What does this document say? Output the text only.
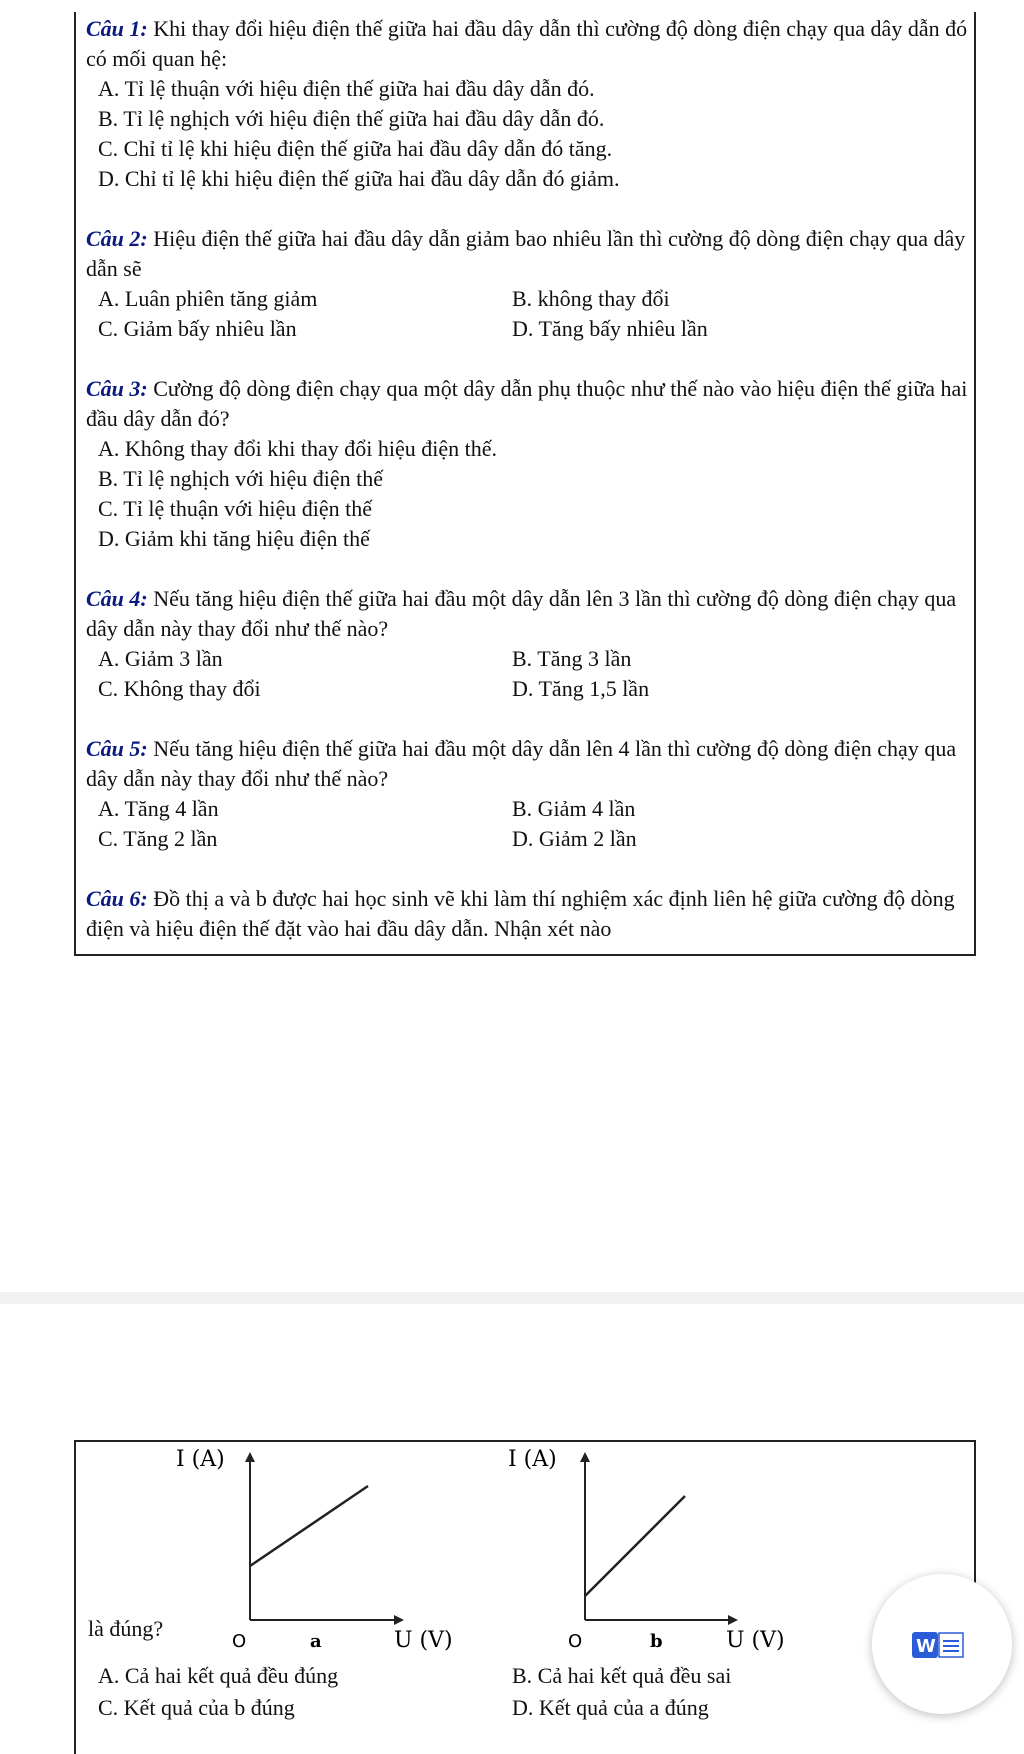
Câu 1: Khi thay đổi hiệu điện thế giữa hai đầu dây dẫn thì cường độ dòng điện chạy qua dây dẫn đó có mối quan hệ:

A. Tỉ lệ thuận với hiệu điện thế giữa hai đầu dây dẫn đó.

B. Tỉ lệ nghịch với hiệu điện thế giữa hai đầu dây dẫn đó.

C. Chỉ tỉ lệ khi hiệu điện thế giữa hai đầu dây dẫn đó tăng.

D. Chỉ tỉ lệ khi hiệu điện thế giữa hai đầu dây dẫn đó giảm.

Câu 2: Hiệu điện thế giữa hai đầu dây dẫn giảm bao nhiêu lần thì cường độ dòng điện chạy qua dây dẫn sẽ

A. Luân phiên tăng giảm	B. không thay đổi
C. Giảm bấy nhiêu lần	D. Tăng bấy nhiêu lần

Câu 3: Cường độ dòng điện chạy qua một dây dẫn phụ thuộc như thế nào vào hiệu điện thế giữa hai đầu dây dẫn đó?

A. Không thay đổi khi thay đổi hiệu điện thế.

B. Tỉ lệ nghịch với hiệu điện thế

C. Tỉ lệ thuận với hiệu điện thế

D. Giảm khi tăng hiệu điện thế

Câu 4: Nếu tăng hiệu điện thế giữa hai đầu một dây dẫn lên 3 lần thì cường độ dòng điện chạy qua dây dẫn này thay đổi như thế nào?

A. Giảm 3 lần	B. Tăng 3 lần
C. Không thay đổi	D. Tăng 1,5 lần

Câu 5: Nếu tăng hiệu điện thế giữa hai đầu một dây dẫn lên 4 lần thì cường độ dòng điện chạy qua dây dẫn này thay đổi như thế nào?

A. Tăng 4 lần	B. Giảm 4 lần
C. Tăng 2 lần	D. Giảm 2 lần

Câu 6: Đồ thị a và b được hai học sinh vẽ khi làm thí nghiệm xác định liên hệ giữa cường độ dòng điện và hiệu điện thế đặt vào hai đầu dây dẫn. Nhận xét nào

I (A)
O	a	U (V)
I (A)
O	b	U (V)
là đúng?
A. Cả hai kết quả đều đúng	B. Cả hai kết quả đều sai
C. Kết quả của b đúng	D. Kết quả của a đúng
W
